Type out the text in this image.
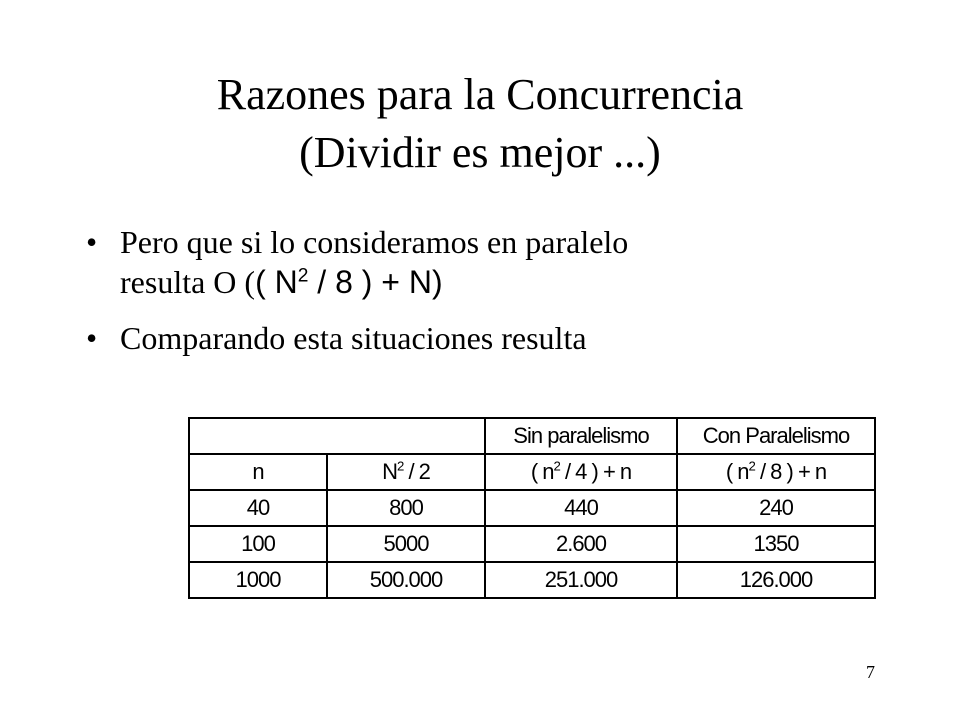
Razones para la Concurrencia
(Dividir es mejor ...)
• Pero que si lo consideramos en paralelo
resulta O (( $N^2 / 8$ ) + N)
• Comparando esta situaciones resulta
		Sin paralelismo	Con Paralelismo
n	$N^2 / 2$	( $n^2 / 4$ ) + n	( $n^2 / 8$ ) + n
40	800	440	240
100	5000	2.600	1350
1000	500.000	251.000	126.000
7
